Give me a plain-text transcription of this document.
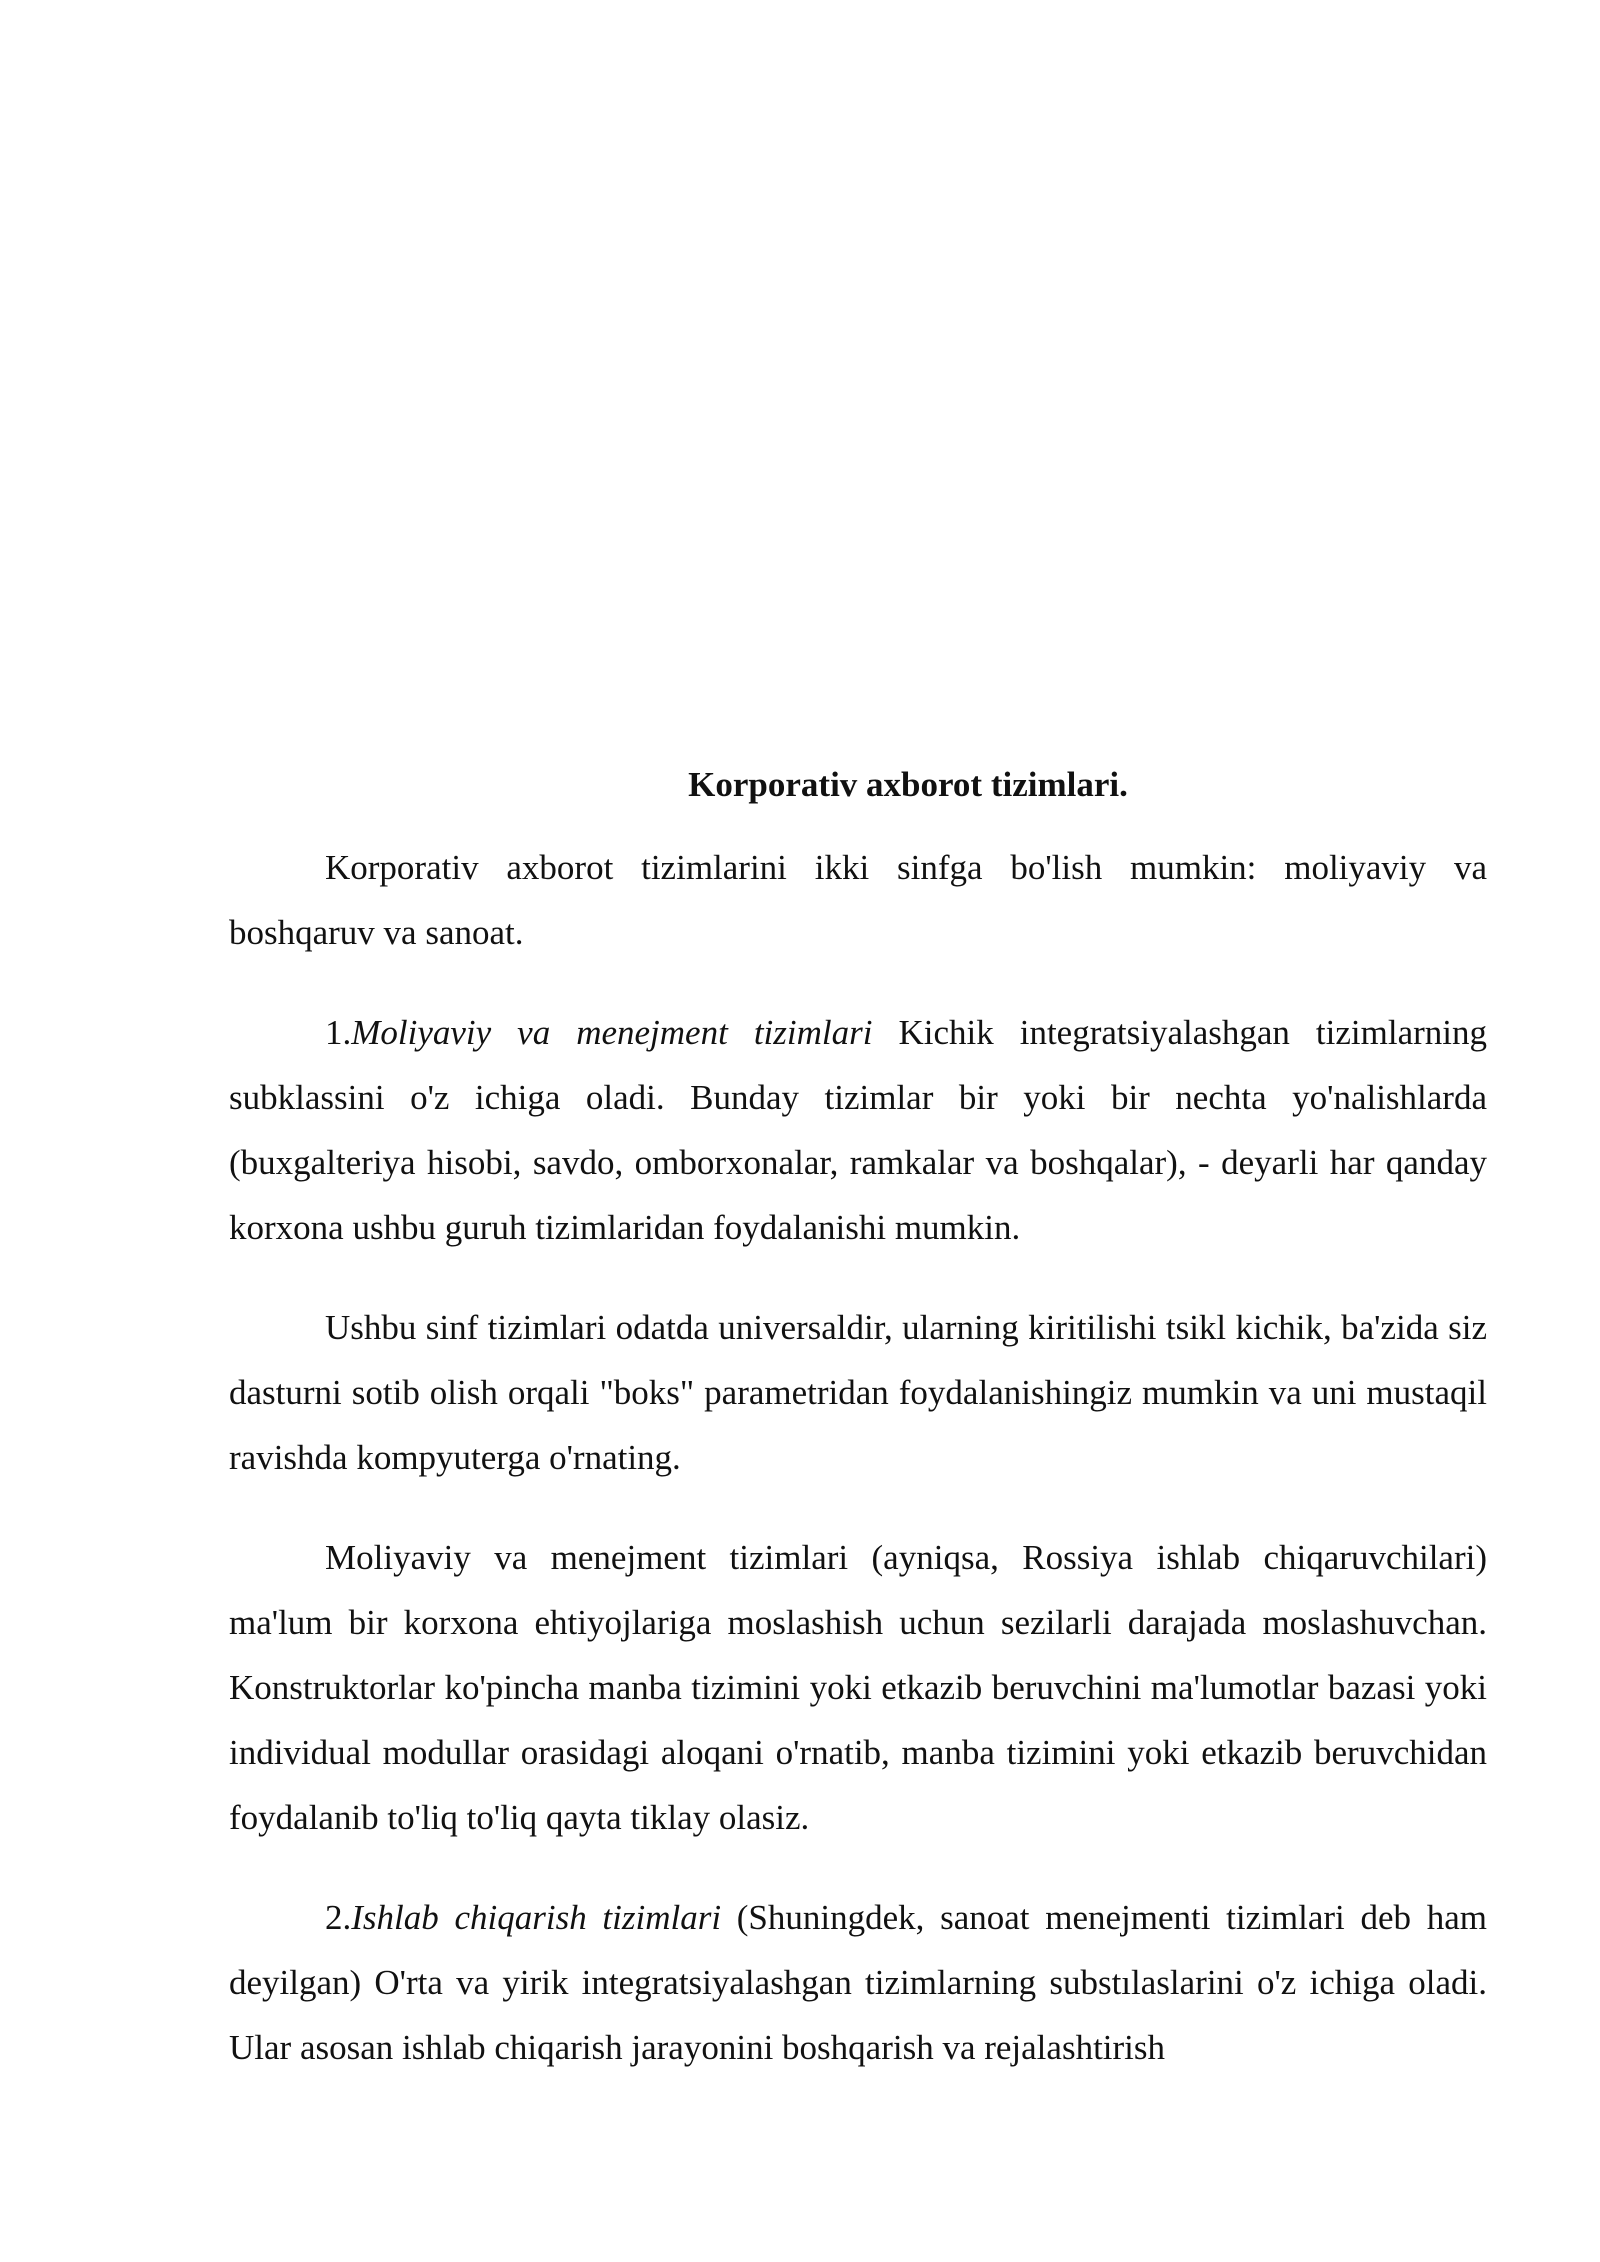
Korporativ axborot tizimlari.

Korporativ axborot tizimlarini ikki sinfga bo'lish mumkin: moliyaviy va boshqaruv va sanoat.

1.Moliyaviy va menejment tizimlari Kichik integratsiyalashgan tizimlarning subklassini o'z ichiga oladi. Bunday tizimlar bir yoki bir nechta yo'nalishlarda (buxgalteriya hisobi, savdo, omborxonalar, ramkalar va boshqalar), - deyarli har qanday korxona ushbu guruh tizimlaridan foydalanishi mumkin.

Ushbu sinf tizimlari odatda universaldir, ularning kiritilishi tsikl kichik, ba'zida siz dasturni sotib olish orqali "boks" parametridan foydalanishingiz mumkin va uni mustaqil ravishda kompyuterga o'rnating.

Moliyaviy va menejment tizimlari (ayniqsa, Rossiya ishlab chiqaruvchilari) ma'lum bir korxona ehtiyojlariga moslashish uchun sezilarli darajada moslashuvchan. Konstruktorlar ko'pincha manba tizimini yoki etkazib beruvchini ma'lumotlar bazasi yoki individual modullar orasidagi aloqani o'rnatib, manba tizimini yoki etkazib beruvchidan foydalanib to'liq to'liq qayta tiklay olasiz.

2.Ishlab chiqarish tizimlari (Shuningdek, sanoat menejmenti tizimlari deb ham deyilgan) O'rta va yirik integratsiyalashgan tizimlarning substılaslarini o'z ichiga oladi. Ular asosan ishlab chiqarish jarayonini boshqarish va rejalashtirish
